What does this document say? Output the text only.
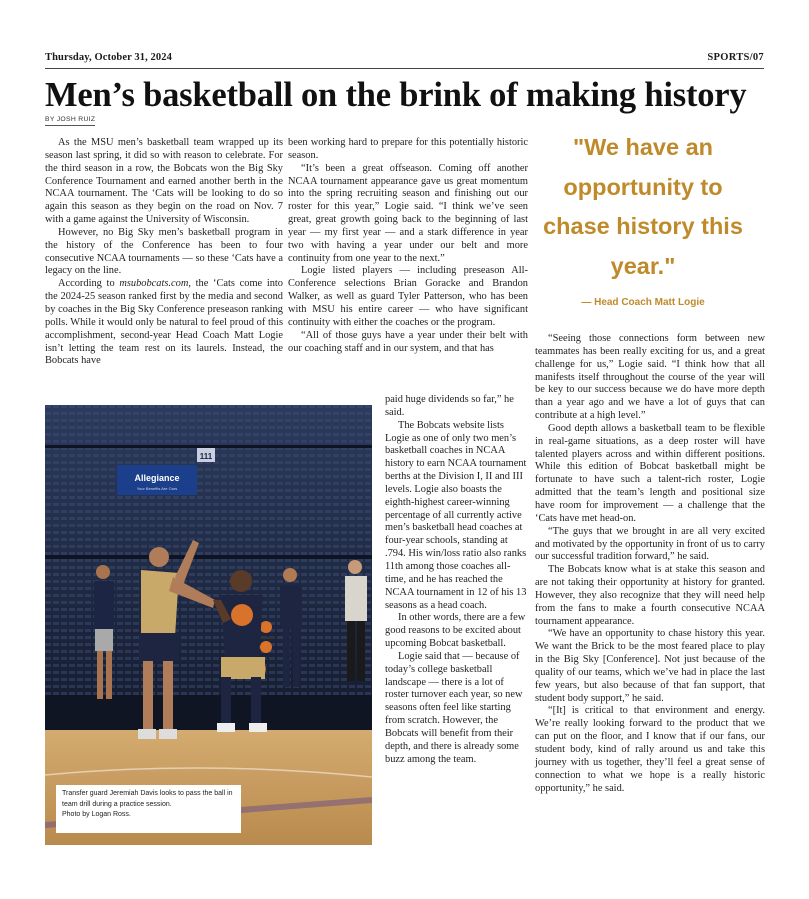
Thursday, October 31, 2024	SPORTS/07
Men’s basketball on the brink of making history
BY JOSH RUIZ

As the MSU men’s basketball team wrapped up its season last spring, it did so with reason to celebrate. For the third season in a row, the Bobcats won the Big Sky Conference Tournament and earned another berth in the NCAA tournament. The ‘Cats will be looking to do so again this season as they begin on the road on Nov. 7 with a game against the University of Wisconsin.

However, no Big Sky men’s basketball program in the history of the Conference has been to four consecutive NCAA tournaments — so these ‘Cats have a legacy on the line.

According to msubobcats.com, the ‘Cats come into the 2024-25 season ranked first by the media and second by coaches in the Big Sky Conference preseason ranking polls. While it would only be natural to feel proud of this accomplishment, second-year Head Coach Matt Logie isn’t letting the team rest on its laurels. Instead, the Bobcats have

been working hard to prepare for this potentially historic season.

“It’s been a great offseason. Coming off another NCAA tournament appearance gave us great momentum into the spring recruiting season and finishing out our roster for this year,” Logie said. “I think we’ve seen great, great growth going back to the beginning of last year — my first year — and a stark difference in year two with having a year under our belt and more continuity from one year to the next.”

Logie listed players — including preseason All-Conference selections Brian Goracke and Brandon Walker, as well as guard Tyler Patterson, who has been with MSU his entire career — who have significant continuity with either the coaches or the program.

“All of those guys have a year under their belt with our coaching staff and in our system, and that has

paid huge dividends so far,” he said.

The Bobcats website lists Logie as one of only two men’s basketball coaches in NCAA history to earn NCAA tournament berths at the Division I, II and III levels. Logie also boasts the eighth-highest career-winning percentage of all currently active men’s basketball head coaches at four-year schools, standing at .794. His win/loss ratio also ranks 11th among those coaches all-time, and he has reached the NCAA tournament in 12 of his 13 seasons as a head coach.

In other words, there are a few good reasons to be excited about upcoming Bobcat basketball.

Logie said that — because of today’s college basketball landscape — there is a lot of roster turnover each year, so new seasons often feel like starting from scratch. However, the Bobcats will benefit from their depth, and there is already some buzz among the team.

"We have an opportunity to chase history this year."
— Head Coach Matt Logie

“Seeing those connections form between new teammates has been really exciting for us, and a great challenge for us,” Logie said. “I think how that all manifests itself throughout the course of the year will be key to our success because we do have more depth than a year ago and we have a lot of guys that can contribute at a high level.”

Good depth allows a basketball team to be flexible in real-game situations, as a deep roster will have talented players across and within different positions. While this edition of Bobcat basketball might be fortunate to have such a talent-rich roster, Logie admitted that the team’s length and positional size have room for improvement — a challenge that the ‘Cats have met head-on.

“The guys that we brought in are all very excited and motivated by the opportunity in front of us to carry our successful tradition forward,” he said.

The Bobcats know what is at stake this season and are not taking their opportunity at history for granted. However, they also recognize that they will need help from the fans to make a fourth consecutive NCAA tournament appearance.

“We have an opportunity to chase history this year. We want the Brick to be the most feared place to play in the Big Sky [Conference]. Not just because of the quality of our teams, which we’ve had in place the last few years, but also because of that fan support, that student body support,” he said.

“[It] is critical to that environment and energy. We’re really looking forward to the product that we can put on the floor, and I know that if our fans, our student body, kind of rally around us and take this journey with us together, they’ll feel a great sense of connection to what we hope is a really historic opportunity,” he said.

Allegiance
Your Benefits Are Ours
111
Transfer guard Jeremiah Davis looks to pass the ball in team drill during a practice session.
Photo by Logan Ross.
